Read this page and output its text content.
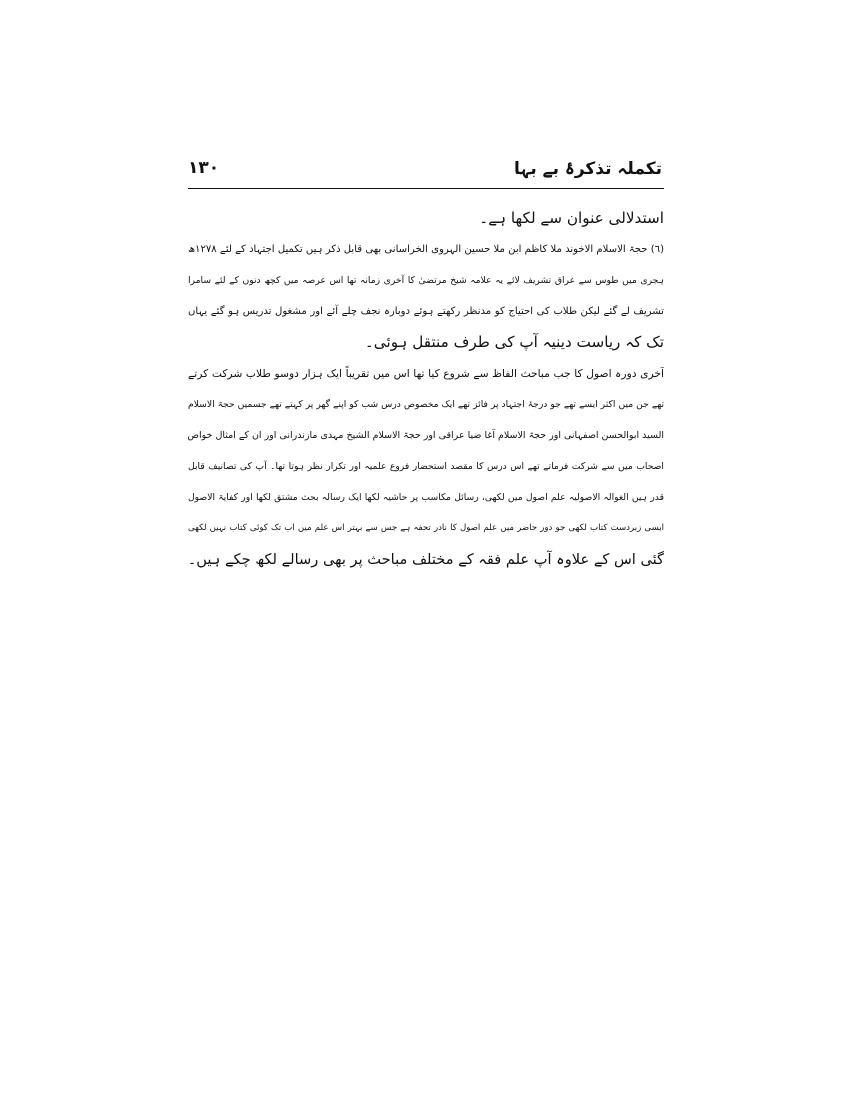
تکملہ تذکرۂ بے بہا
۱۳۰
استدلالی عنوان سے لکھا ہے۔
(٦) حجۃ الاسلام الاخوند ملا کاظم ابن ملا حسین الہروی الخراسانی بھی قابل ذکر ہیں تکمیل اجتہاد کے لئے ۱۲۷۸ھ
ہجری میں طوس سے عراق تشریف لائے یہ علامہ شیخ مرتضیٰ کا آخری زمانہ تھا اس عرصہ میں کچھ دنوں کے لئے سامرا
تشریف لے گئے لیکن طلاب کی احتیاج کو مدنظر رکھتے ہوئے دوبارہ نجف چلے آئے اور مشغول تدریس ہو گئے یہاں
تک کہ ریاست دینیہ آپ کی طرف منتقل ہوئی۔
آخری دورہ اصول کا جب مباحث الفاظ سے شروع کیا تھا اس میں تقریباً ایک ہزار دوسو طلاب شرکت کرتے
تھے جن میں اکثر ایسے تھے جو درجۂ اجتہاد پر فائز تھے ایک مخصوص درس شب کو اپنے گھر پر کہتے تھے جسمیں حجۃ الاسلام
السید ابوالحسن اصفہانی اور حجۃ الاسلام آغا ضیا عراقی اور حجۃ الاسلام الشیخ مہدی مازندرانی اور ان کے امثال خواص
اصحاب میں سے شرکت فرماتے تھے اس درس کا مقصد استحضار فروع علمیہ اور تکرار نظر ہوتا تھا۔ آپ کی تصانیف قابل
قدر ہیں الغوالہ الاصولیہ علم اصول میں لکھی، رسائل مکاسب پر حاشیہ لکھا ایک رسالہ بحث مشتق لکھا اور کفایۃ الاصول
ایسی زبردست کتاب لکھی جو دور حاضر میں علم اصول کا نادر تحفہ ہے جس سے بہتر اس علم میں اب تک کوئی کتاب نہیں لکھی
گئی اس کے علاوہ آپ علم فقہ کے مختلف مباحث پر بھی رسالے لکھ چکے ہیں۔
